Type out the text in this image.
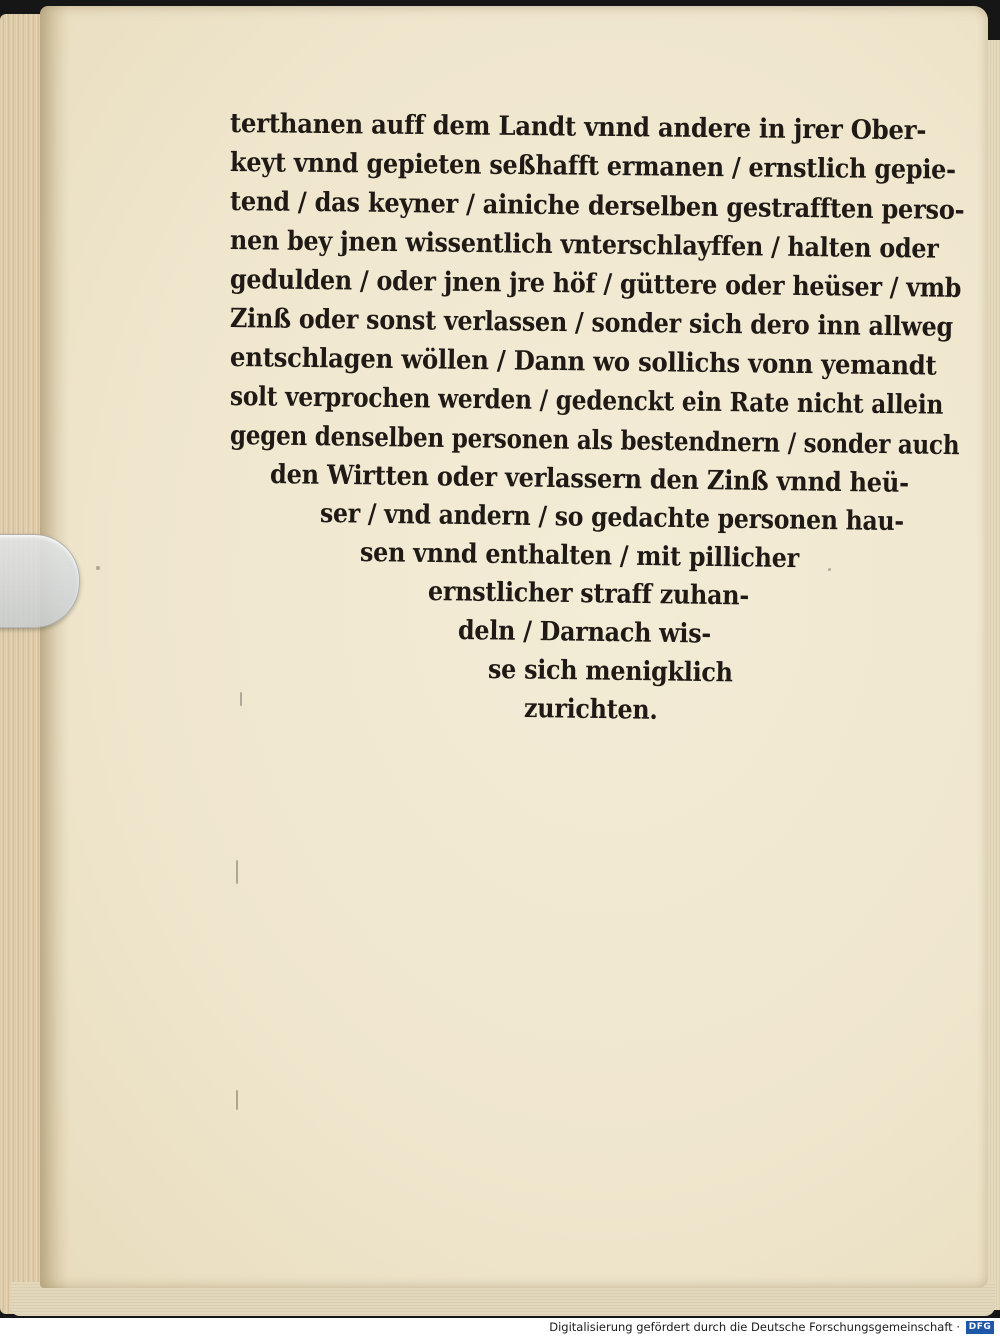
terthanen auff dem Landt vnnd andere in jrer Ober-
keyt vnnd gepieten seßhafft ermanen / ernstlich gepie-
tend / das keyner / ainiche derselben gestrafften perso-
nen bey jnen wissentlich vnterschlayffen / halten oder
gedulden / oder jnen jre höf / güttere oder heüser / vmb
Zinß oder sonst verlassen / sonder sich dero inn allweg
entschlagen wöllen / Dann wo sollichs vonn yemandt
solt verprochen werden / gedenckt ein Rate nicht allein
gegen denselben personen als bestendnern / sonder auch
den Wirtten oder verlassern den Zinß vnnd heü-
ser / vnd andern / so gedachte personen hau-
sen vnnd enthalten / mit pillicher
ernstlicher straff zuhan-
deln / Darnach wis-
se sich menigklich
zurichten.
Digitalisierung gefördert durch die Deutsche Forschungsgemeinschaft · DFG
